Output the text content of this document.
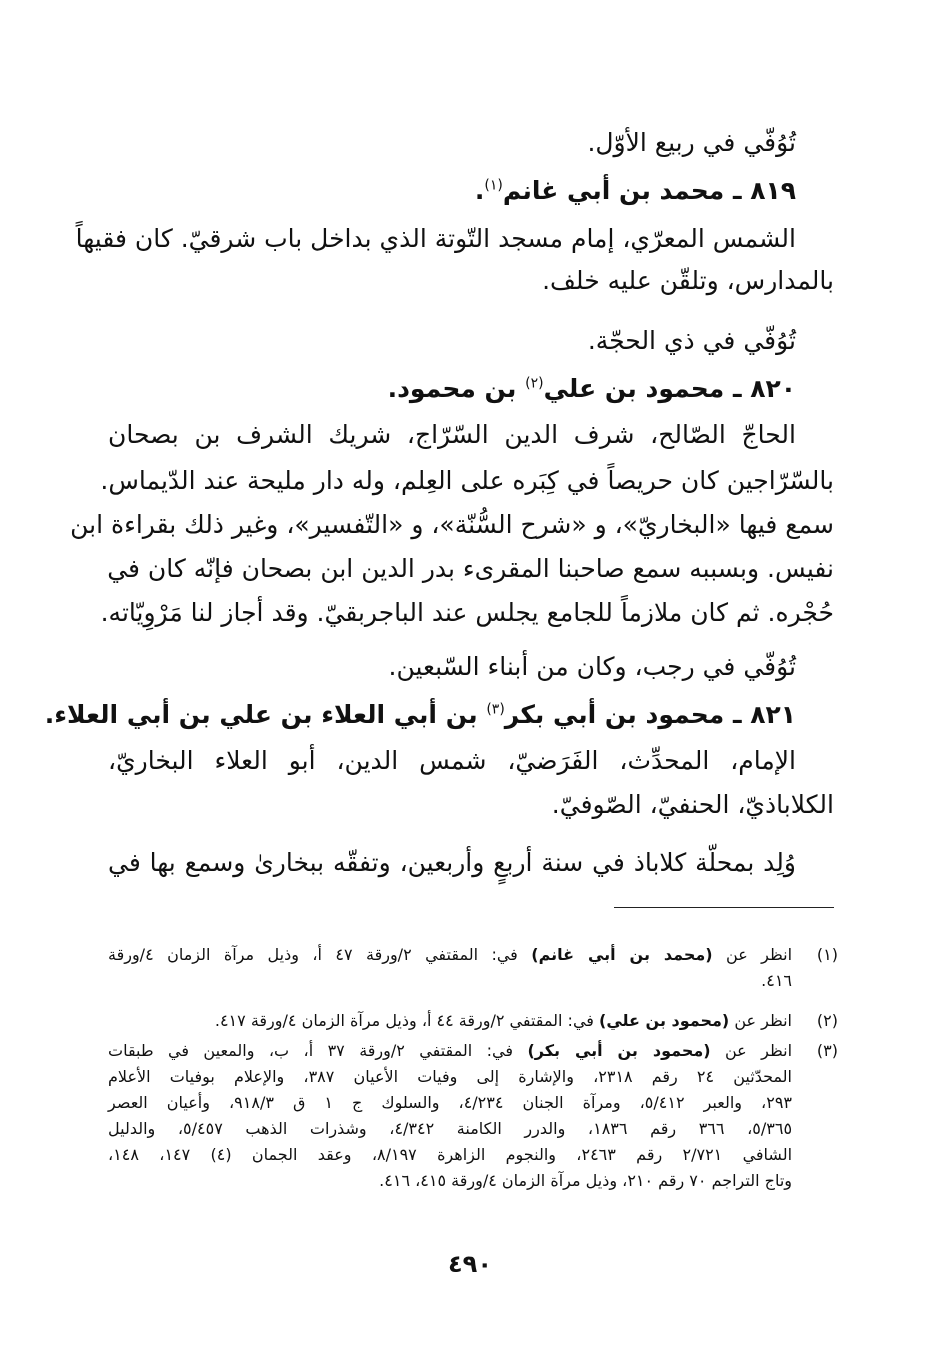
تُوُفّي في ربيع الأوّل.
٨١٩ ـ محمد بن أبي غانم$^{(١)}$.
الشمس المعرّي، إمام مسجد التّوتة الذي بداخل باب شرقيّ. كان فقيهاً
بالمدارس، وتلقّن عليه خلف.
تُوُفّي في ذي الحجّة.
٨٢٠ ـ محمود بن علي$^{(٢)}$ بن محمود.
الحاجّ الصّالح، شرف الدين السّرّاج، شريك الشرف بن بصحان
بالسّرّاجين كان حريصاً في كِبَره على العِلم، وله دار مليحة عند الدّيماس.
سمع فيها «البخاريّ»، و «شرح السُّنّة»، و «التّفسير»، وغير ذلك بقراءة ابن
نفيس. وبسببه سمع صاحبنا المقرىء بدر الدين ابن بصحان فإنّه كان في
حُجْره. ثم كان ملازماً للجامع يجلس عند الباجربقيّ. وقد أجاز لنا مَرْوِيّاته.
تُوُفّي في رجب، وكان من أبناء السّبعين.
٨٢١ ـ محمود بن أبي بكر$^{(٣)}$ بن أبي العلاء بن علي بن أبي العلاء.
الإمام، المحدِّث، الفَرَضيّ، شمس الدين، أبو العلاء البخاريّ،
الكلاباذيّ، الحنفيّ، الصّوفيّ.
وُلِد بمحلّة كلاباذ في سنة أربعٍ وأربعين، وتفقّه ببخارىٰ وسمع بها في
(١)
انظر عن (محمد بن أبي غانم) في: المقتفي ٢/ورقة ٤٧ أ، وذيل مرآة الزمان ٤/ورقة
٤١٦.
(٢)
انظر عن (محمود بن علي) في: المقتفي ٢/ورقة ٤٤ أ، وذيل مرآة الزمان ٤/ورقة ٤١٧.
(٣)
انظر عن (محمود بن أبي بكر) في: المقتفي ٢/ورقة ٣٧ أ، ب، والمعين في طبقات
المحدّثين ٢٤ رقم ٢٣١٨، والإشارة إلى وفيات الأعيان ٣٨٧، والإعلام بوفيات الأعلام
٢٩٣، والعبر ٥/٤١٢، ومرآة الجنان ٤/٢٣٤، والسلوك ج ١ ق ٩١٨/٣، وأعيان العصر
٥/٣٦٥، ٣٦٦ رقم ١٨٣٦، والدرر الكامنة ٤/٣٤٢، وشذرات الذهب ٥/٤٥٧، والدليل
الشافي ٢/٧٢١ رقم ٢٤٦٣، والنجوم الزاهرة ٨/١٩٧، وعقد الجمان (٤) ١٤٧، ١٤٨،
وتاج التراجم ٧٠ رقم ٢١٠، وذيل مرآة الزمان ٤/ورقة ٤١٥، ٤١٦.
٤٩٠
